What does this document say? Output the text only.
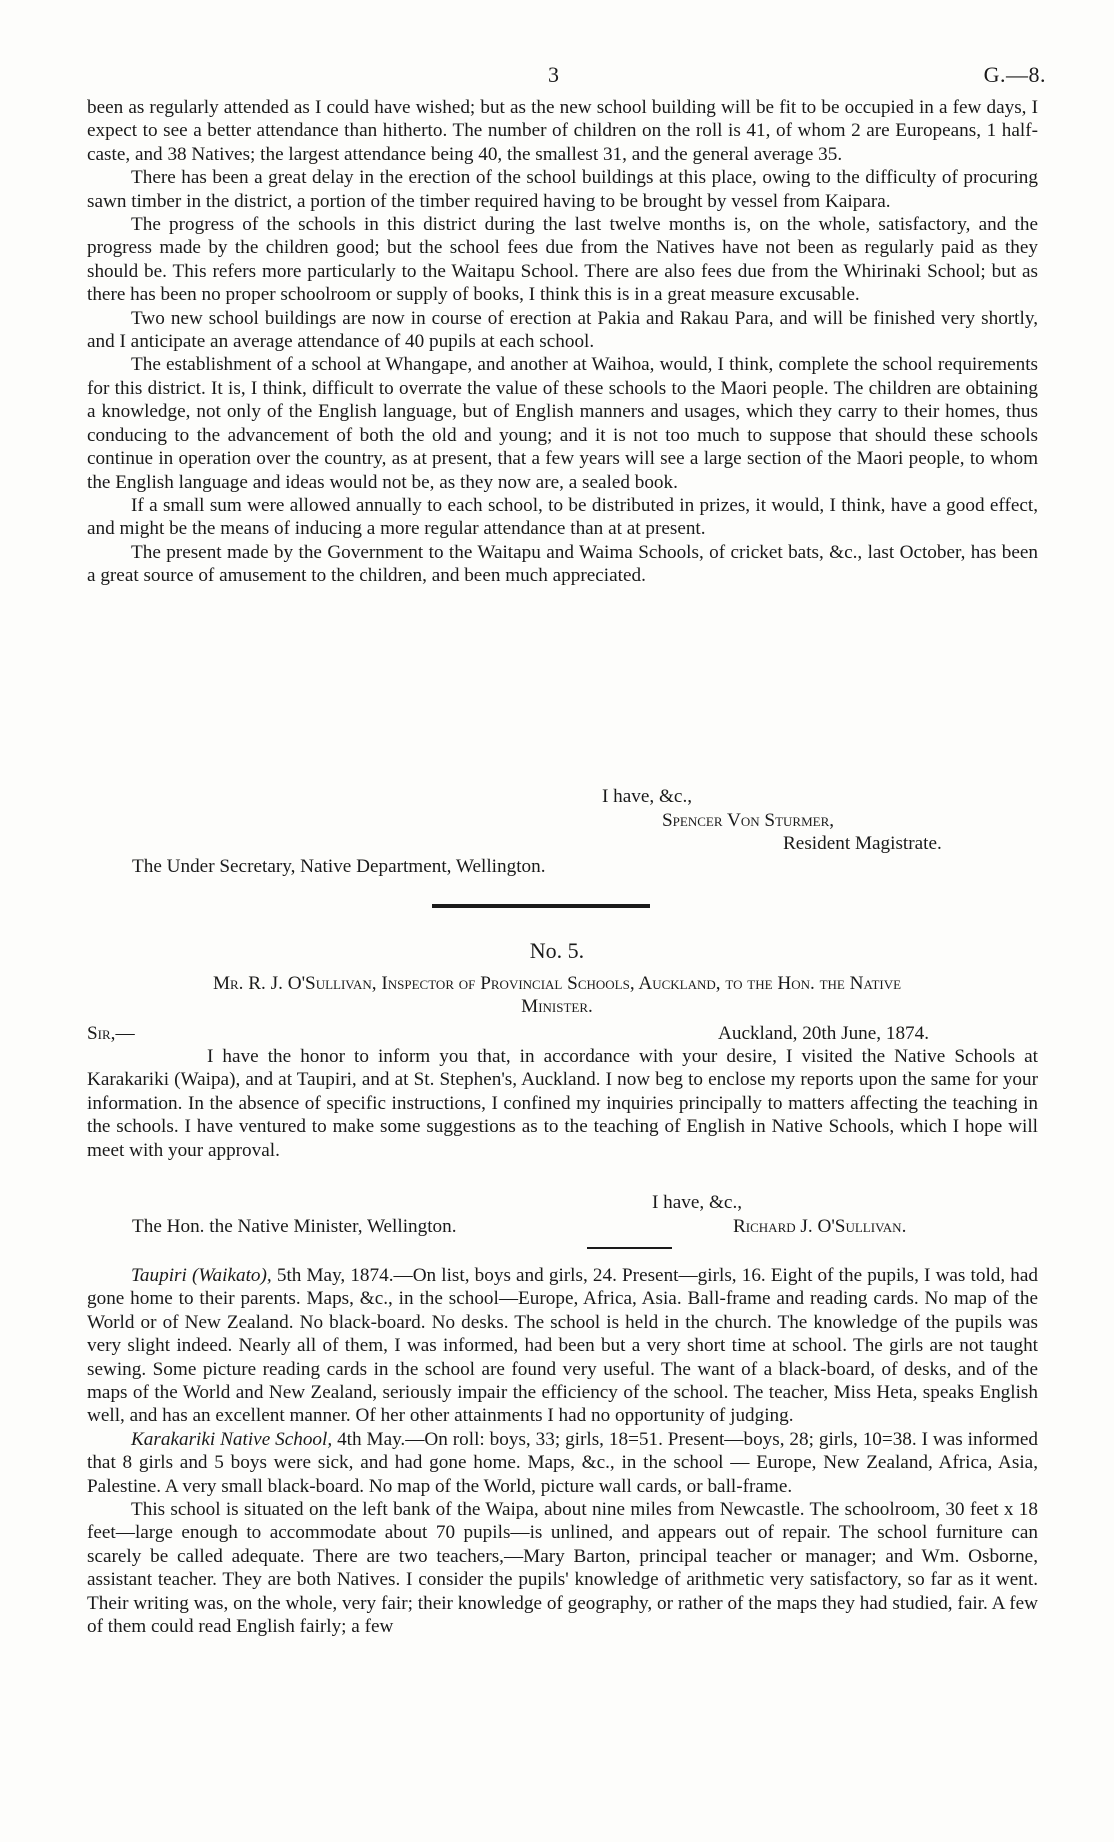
3	G.—8.

been as regularly attended as I could have wished; but as the new school building will be fit to be occupied in a few days, I expect to see a better attendance than hitherto. The number of children on the roll is 41, of whom 2 are Europeans, 1 half-caste, and 38 Natives; the largest attendance being 40, the smallest 31, and the general average 35.

There has been a great delay in the erection of the school buildings at this place, owing to the difficulty of procuring sawn timber in the district, a portion of the timber required having to be brought by vessel from Kaipara.

The progress of the schools in this district during the last twelve months is, on the whole, satisfactory, and the progress made by the children good; but the school fees due from the Natives have not been as regularly paid as they should be. This refers more particularly to the Waitapu School. There are also fees due from the Whirinaki School; but as there has been no proper schoolroom or supply of books, I think this is in a great measure excusable.

Two new school buildings are now in course of erection at Pakia and Rakau Para, and will be finished very shortly, and I anticipate an average attendance of 40 pupils at each school.

The establishment of a school at Whangape, and another at Waihoa, would, I think, complete the school requirements for this district. It is, I think, difficult to overrate the value of these schools to the Maori people. The children are obtaining a knowledge, not only of the English language, but of English manners and usages, which they carry to their homes, thus conducing to the advancement of both the old and young; and it is not too much to suppose that should these schools continue in operation over the country, as at present, that a few years will see a large section of the Maori people, to whom the English language and ideas would not be, as they now are, a sealed book.

If a small sum were allowed annually to each school, to be distributed in prizes, it would, I think, have a good effect, and might be the means of inducing a more regular attendance than at at present.

The present made by the Government to the Waitapu and Waima Schools, of cricket bats, &c., last October, has been a great source of amusement to the children, and been much appreciated.

I have, &c.,
Spencer Von Sturmer,
Resident Magistrate.
The Under Secretary, Native Department, Wellington.
No. 5.
Mr. R. J. O'Sullivan, Inspector of Provincial Schools, Auckland, to the Hon. the Native
Minister.
Sir,—	Auckland, 20th June, 1874.

I have the honor to inform you that, in accordance with your desire, I visited the Native Schools at Karakariki (Waipa), and at Taupiri, and at St. Stephen's, Auckland. I now beg to enclose my reports upon the same for your information. In the absence of specific instructions, I confined my inquiries principally to matters affecting the teaching in the schools. I have ventured to make some suggestions as to the teaching of English in Native Schools, which I hope will meet with your approval.

I have, &c.,
The Hon. the Native Minister, Wellington.	Richard J. O'Sullivan.

Taupiri (Waikato), 5th May, 1874.—On list, boys and girls, 24. Present—girls, 16. Eight of the pupils, I was told, had gone home to their parents. Maps, &c., in the school—Europe, Africa, Asia. Ball-frame and reading cards. No map of the World or of New Zealand. No black-board. No desks. The school is held in the church. The knowledge of the pupils was very slight indeed. Nearly all of them, I was informed, had been but a very short time at school. The girls are not taught sewing. Some picture reading cards in the school are found very useful. The want of a black-board, of desks, and of the maps of the World and New Zealand, seriously impair the efficiency of the school. The teacher, Miss Heta, speaks English well, and has an excellent manner. Of her other attainments I had no opportunity of judging.

Karakariki Native School, 4th May.—On roll: boys, 33; girls, 18=51. Present—boys, 28; girls, 10=38. I was informed that 8 girls and 5 boys were sick, and had gone home. Maps, &c., in the school — Europe, New Zealand, Africa, Asia, Palestine. A very small black-board. No map of the World, picture wall cards, or ball-frame.

This school is situated on the left bank of the Waipa, about nine miles from Newcastle. The schoolroom, 30 feet x 18 feet—large enough to accommodate about 70 pupils—is unlined, and appears out of repair. The school furniture can scarely be called adequate. There are two teachers,—Mary Barton, principal teacher or manager; and Wm. Osborne, assistant teacher. They are both Natives. I consider the pupils' knowledge of arithmetic very satisfactory, so far as it went. Their writing was, on the whole, very fair; their knowledge of geography, or rather of the maps they had studied, fair. A few of them could read English fairly; a few
